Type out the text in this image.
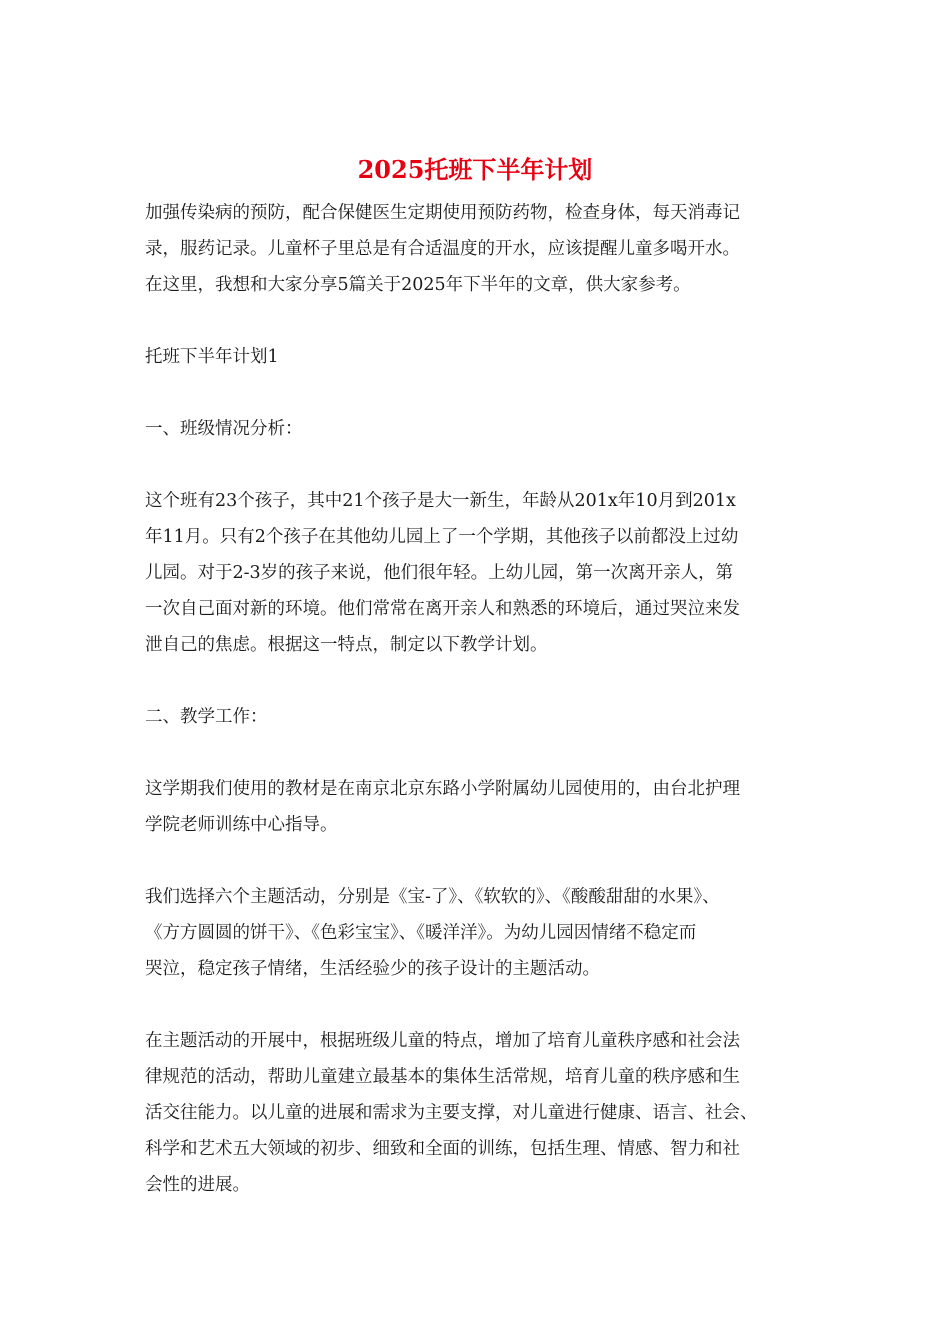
2025托班下半年计划

加强传染病的预防，配合保健医生定期使用预防药物，检查身体，每天消毒记
录，服药记录。儿童杯子里总是有合适温度的开水，应该提醒儿童多喝开水。
在这里，我想和大家分享5篇关于2025年下半年的文章，供大家参考。

托班下半年计划1

一、班级情况分析：

这个班有23个孩子，其中21个孩子是大一新生，年龄从201x年10月到201x
年11月。只有2个孩子在其他幼儿园上了一个学期，其他孩子以前都没上过幼
儿园。对于2-3岁的孩子来说，他们很年轻。上幼儿园，第一次离开亲人，第
一次自己面对新的环境。他们常常在离开亲人和熟悉的环境后，通过哭泣来发
泄自己的焦虑。根据这一特点，制定以下教学计划。

二、教学工作：

这学期我们使用的教材是在南京北京东路小学附属幼儿园使用的，由台北护理
学院老师训练中心指导。

我们选择六个主题活动，分别是《宝-了》、《软软的》、《酸酸甜甜的水果》、
《方方圆圆的饼干》、《色彩宝宝》、《暖洋洋》。为幼儿园因情绪不稳定而
哭泣，稳定孩子情绪，生活经验少的孩子设计的主题活动。

在主题活动的开展中，根据班级儿童的特点，增加了培育儿童秩序感和社会法
律规范的活动，帮助儿童建立最基本的集体生活常规，培育儿童的秩序感和生
活交往能力。以儿童的进展和需求为主要支撑，对儿童进行健康、语言、社会、
科学和艺术五大领域的初步、细致和全面的训练，包括生理、情感、智力和社
会性的进展。
